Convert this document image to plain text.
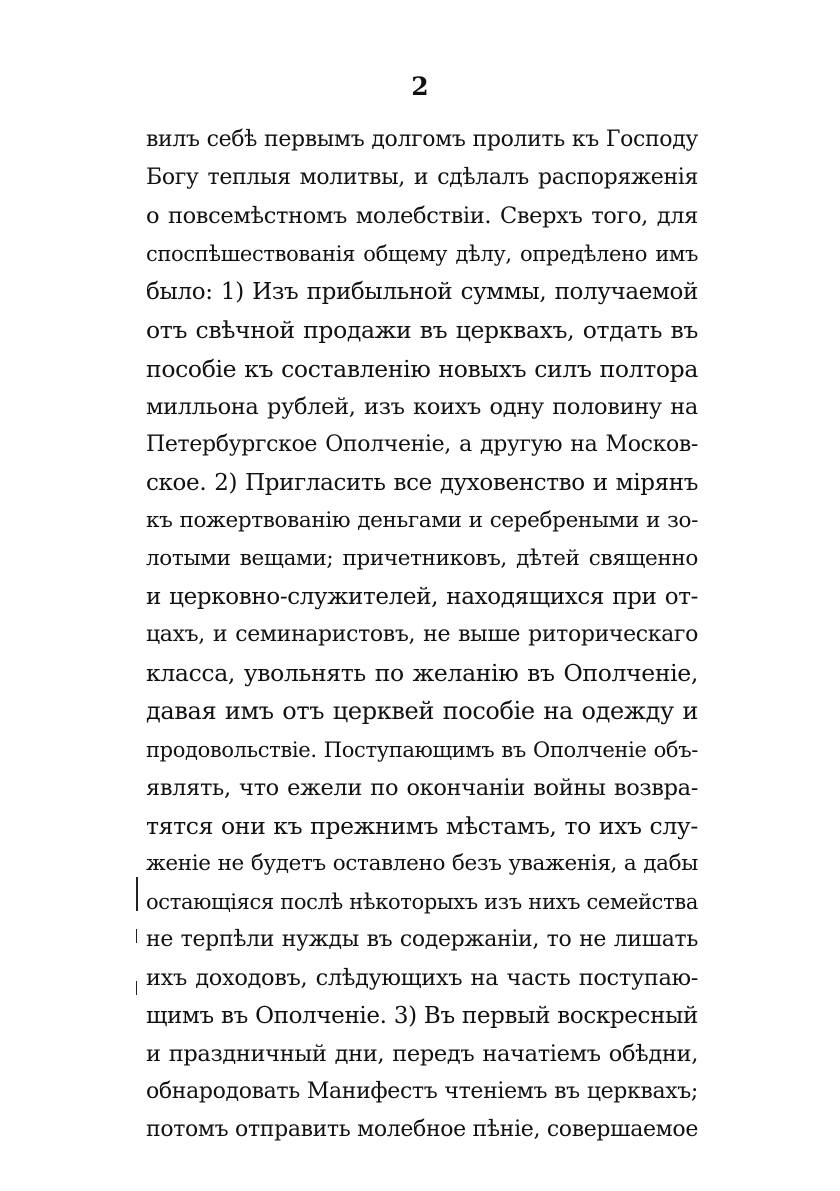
2
вилъ себѣ первымъ долгомъ пролить къ Господу
Богу теплыя молитвы, и сдѣлалъ распоряженія
о повсемѣстномъ молебствіи. Сверхъ того, для
споспѣшествованія общему дѣлу, опредѣлено имъ
было: 1) Изъ прибыльной суммы, получаемой
отъ свѣчной продажи въ церквахъ, отдать въ
пособіе къ составленію новыхъ силъ полтора
милльона рублей, изъ коихъ одну половину на
Петербургское Ополченіе, а другую на Москов-
ское. 2) Пригласить все духовенство и мірянъ
къ пожертвованію деньгами и серебреными и зо-
лотыми вещами; причетниковъ, дѣтей священно
и церковно-служителей, находящихся при от-
цахъ, и семинаристовъ, не выше риторическаго
класса, увольнять по желанію въ Ополченіе,
давая имъ отъ церквей пособіе на одежду и
продовольствіе. Поступающимъ въ Ополченіе объ-
являть, что ежели по окончаніи войны возвра-
тятся они къ прежнимъ мѣстамъ, то ихъ слу-
женіе не будетъ оставлено безъ уваженія, а дабы
остающіяся послѣ нѣкоторыхъ изъ нихъ семейства
не терпѣли нужды въ содержаніи, то не лишать
ихъ доходовъ, слѣдующихъ на часть поступаю-
щимъ въ Ополченіе. 3) Въ первый воскресный
и праздничный дни, передъ начатіемъ обѣдни,
обнародовать Манифестъ чтеніемъ въ церквахъ;
потомъ отправить молебное пѣніе, совершаемое
